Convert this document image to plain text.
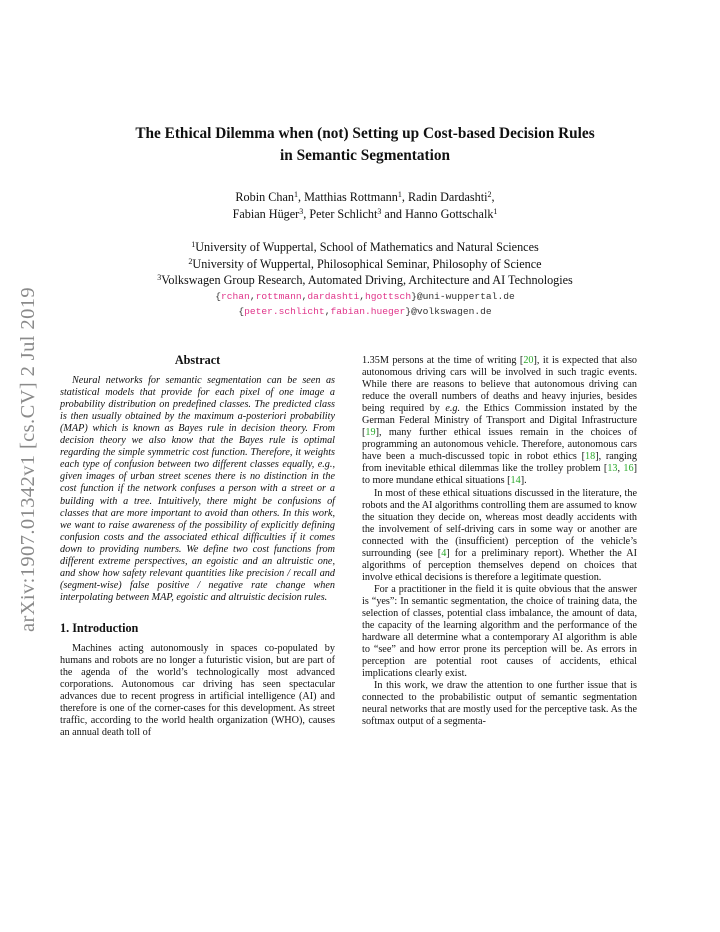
arXiv:1907.01342v1 [cs.CV] 2 Jul 2019
The Ethical Dilemma when (not) Setting up Cost-based Decision Rules
in Semantic Segmentation
Robin Chan$^1$, Matthias Rottmann$^1$, Radin Dardashti$^2$,
Fabian Hüger$^3$, Peter Schlicht$^3$ and Hanno Gottschalk$^1$
$^1$University of Wuppertal, School of Mathematics and Natural Sciences
$^2$University of Wuppertal, Philosophical Seminar, Philosophy of Science
$^3$Volkswagen Group Research, Automated Driving, Architecture and AI Technologies
{rchan,rottmann,dardashti,hgottsch}@uni-wuppertal.de
{peter.schlicht,fabian.hueger}@volkswagen.de
Abstract

Neural networks for semantic segmentation can be seen as statistical models that provide for each pixel of one image a probability distribution on predefined classes. The predicted class is then usually obtained by the maximum a-posteriori probability (MAP) which is known as Bayes rule in decision theory. From decision theory we also know that the Bayes rule is optimal regarding the simple symmetric cost function. Therefore, it weights each type of confusion between two different classes equally, e.g., given images of urban street scenes there is no distinction in the cost function if the network confuses a person with a street or a building with a tree. Intuitively, there might be confusions of classes that are more important to avoid than others. In this work, we want to raise awareness of the possibility of explicitly defining confusion costs and the associated ethical difficulties if it comes down to providing numbers. We define two cost functions from different extreme perspectives, an egoistic and an altruistic one, and show how safety relevant quantities like precision / recall and (segment-wise) false positive / negative rate change when interpolating between MAP, egoistic and altruistic decision rules.

1. Introduction

Machines acting autonomously in spaces co-populated by humans and robots are no longer a futuristic vision, but are part of the agenda of the world’s technologically most advanced corporations. Autonomous car driving has seen spectacular advances due to recent progress in artificial intelligence (AI) and therefore is one of the corner-cases for this development. As street traffic, according to the world health organization (WHO), causes an annual death toll of

1.35M persons at the time of writing [20], it is expected that also autonomous driving cars will be involved in such tragic events. While there are reasons to believe that autonomous driving can reduce the overall numbers of deaths and heavy injuries, besides being required by e.g. the Ethics Commission instated by the German Federal Ministry of Transport and Digital Infrastructure [19], many further ethical issues remain in the choices of programming an autonomous vehicle. Therefore, autonomous cars have been a much-discussed topic in robot ethics [18], ranging from inevitable ethical dilemmas like the trolley problem [13, 16] to more mundane ethical situations [14].

In most of these ethical situations discussed in the literature, the robots and the AI algorithms controlling them are assumed to know the situation they decide on, whereas most deadly accidents with the involvement of self-driving cars in some way or another are connected with the (insufficient) perception of the vehicle’s surrounding (see [4] for a preliminary report). Whether the AI algorithms of perception themselves depend on choices that involve ethical decisions is therefore a legitimate question.

For a practitioner in the field it is quite obvious that the answer is “yes”: In semantic segmentation, the choice of training data, the selection of classes, potential class imbalance, the amount of data, the capacity of the learning algorithm and the performance of the hardware all determine what a contemporary AI algorithm is able to “see” and how error prone its perception will be. As errors in perception are potential root causes of accidents, ethical implications clearly exist.

In this work, we draw the attention to one further issue that is connected to the probabilistic output of semantic segmentation neural networks that are mostly used for the perceptive task. As the softmax output of a segmenta-
